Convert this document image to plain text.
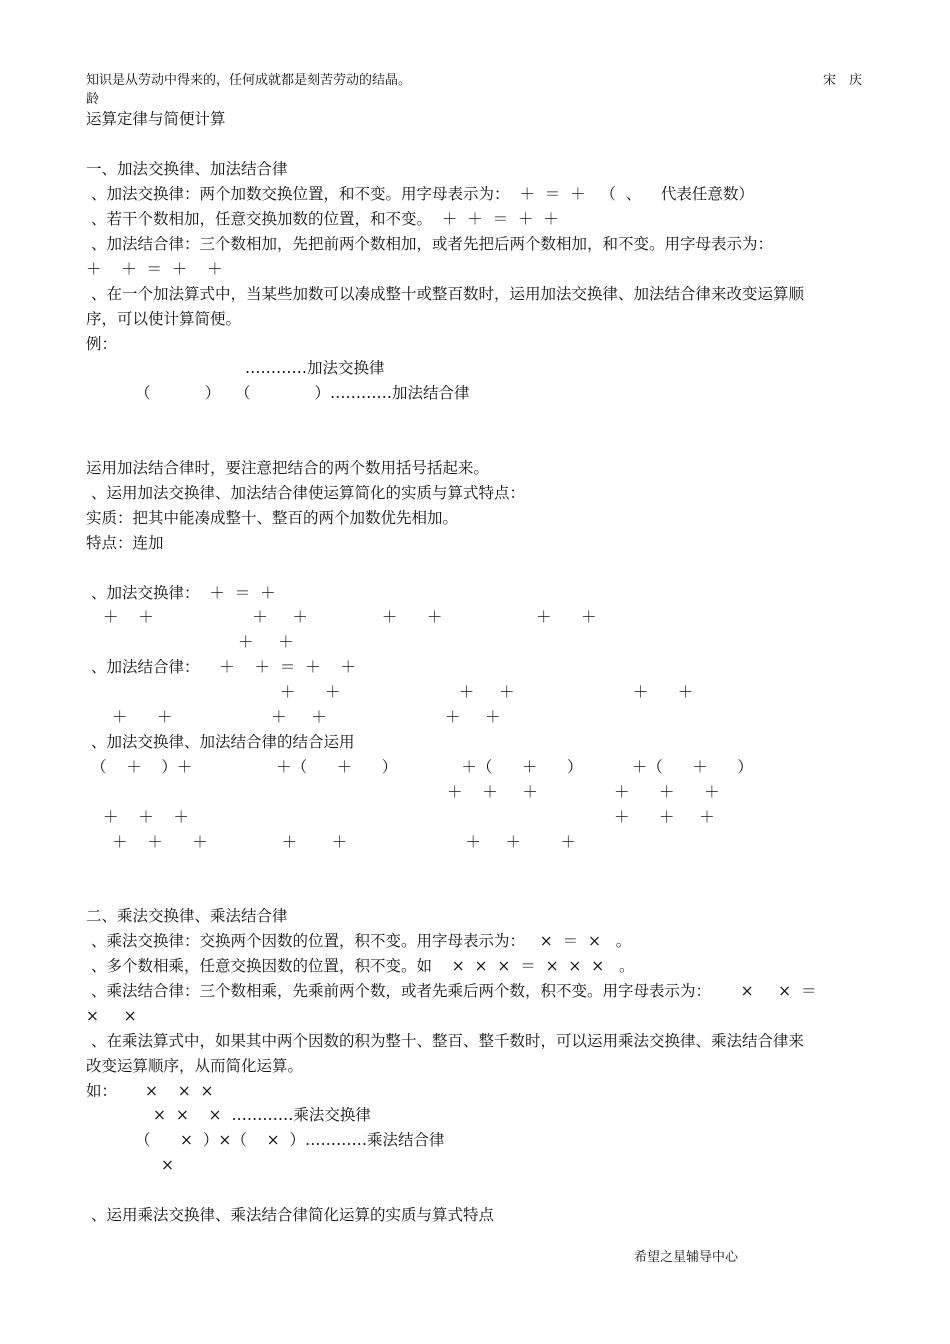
知识是从劳动中得来的，任何成就都是刻苦劳动的结晶。	宋　庆
龄
运算定律与简便计算
一、加法交换律、加法结合律
、加法交换律：两个加数交换位置，和不变。用字母表示为：  ＋  ＝  ＋   （  、    代表任意数）
、若干个数相加，任意交换加数的位置，和不变。  ＋  ＋  ＝  ＋  ＋
、加法结合律：三个数相加，先把前两个数相加，或者先把后两个数相加，和不变。用字母表示为：
＋    ＋  ＝  ＋    ＋
、在一个加法算式中，当某些加数可以凑成整十或整百数时，运用加法交换律、加法结合律来改变运算顺
序，可以使计算简便。
例：
…………加法交换律
（           ）   （             ）…………加法结合律
运用加法结合律时，要注意把结合的两个数用括号括起来。
、运用加法交换律、加法结合律使运算简化的实质与算式特点：
实质：把其中能凑成整十、整百的两个加数优先相加。
特点：连加
、加法交换律：  ＋  ＝  ＋
＋    ＋                    ＋     ＋               ＋      ＋                   ＋      ＋
＋     ＋
、加法结合律：    ＋    ＋  ＝  ＋    ＋
＋      ＋                        ＋     ＋                        ＋      ＋
＋      ＋                    ＋     ＋                        ＋     ＋
、加法交换律、加法结合律的结合运用
（    ＋    ）＋                 ＋（      ＋      ）             ＋（      ＋      ）          ＋（      ＋      ）
＋    ＋     ＋	＋      ＋      ＋
＋    ＋    ＋	＋      ＋     ＋
＋    ＋      ＋               ＋       ＋                        ＋     ＋        ＋
二、乘法交换律、乘法结合律
、乘法交换律：交换两个因数的位置，积不变。用字母表示为：   ×  ＝  ×   。
、多个数相乘，任意交换因数的位置，积不变。如    ×  ×  ×  ＝  ×  ×  ×   。
、乘法结合律：三个数相乘，先乘前两个数，或者先乘后两个数，积不变。用字母表示为：      ×     ×  ＝
×     ×
、在乘法算式中，如果其中两个因数的积为整十、整百、整千数时，可以运用乘法交换律、乘法结合律来
改变运算顺序，从而简化运算。
如： ×    ×  ×
×  ×    ×  …………乘法交换律
（      ×  ）×（    ×  ）…………乘法结合律
×
、运用乘法交换律、乘法结合律简化运算的实质与算式特点
希望之星辅导中心
